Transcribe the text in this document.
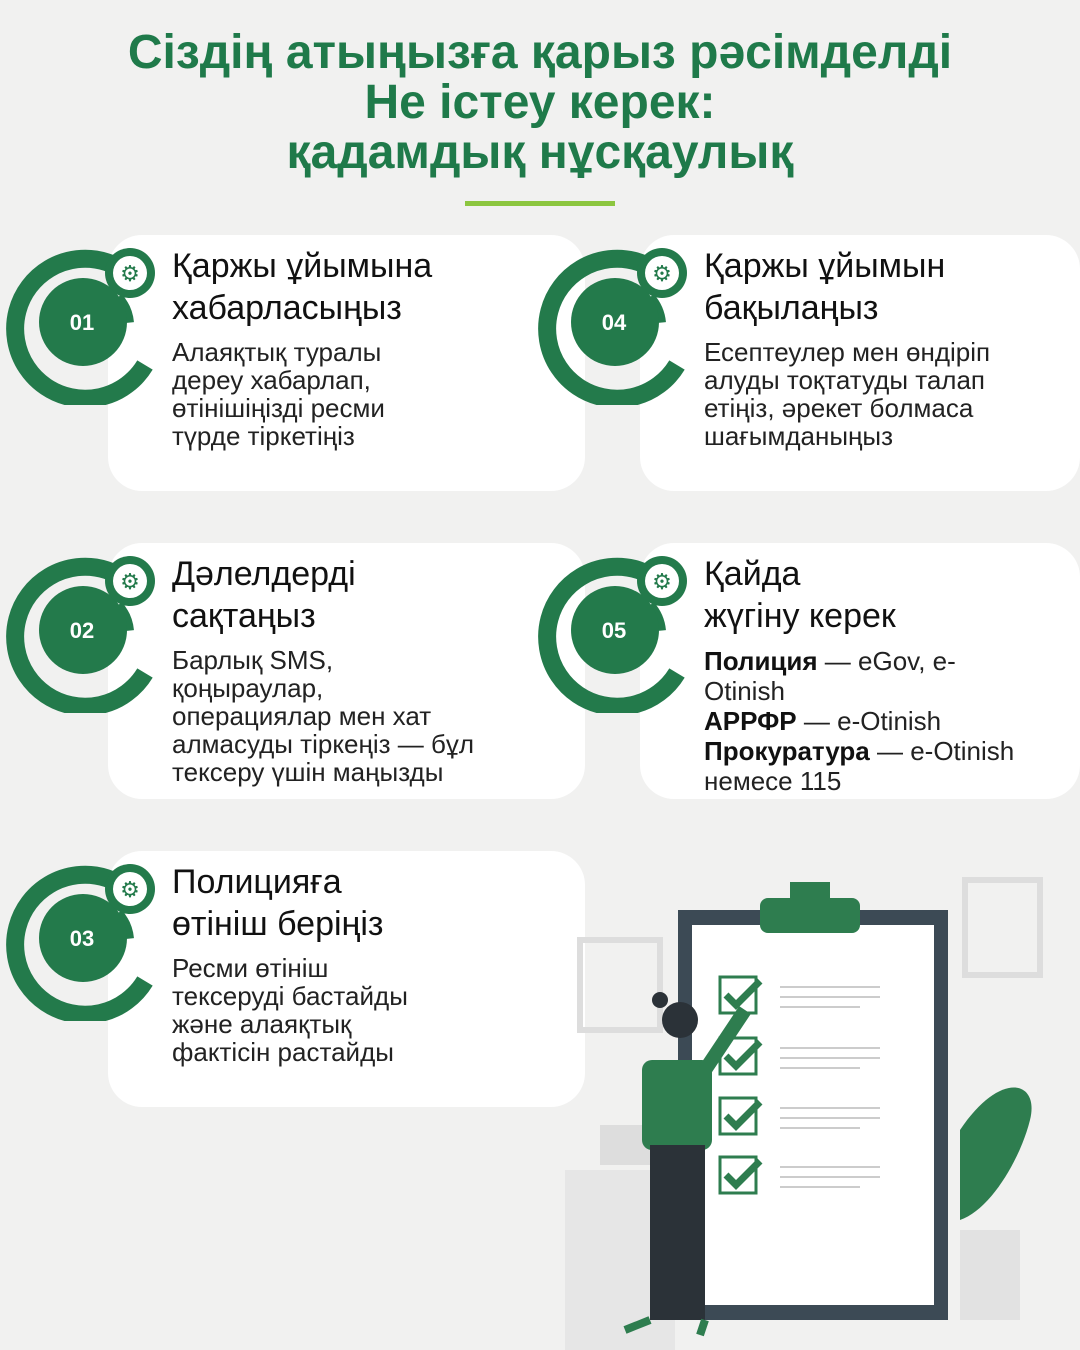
Сіздің атыңызға қарыз рәсімделді
Не істеу керек:
қадамдық нұсқаулық
⚙
01
Қаржы ұйымына
хабарласыңыз
Алаяқтық туралы
дереу хабарлап,
өтінішіңізді ресми
түрде тіркетіңіз
⚙
02
Дәлелдерді
сақтаңыз
Барлық SMS,
қоңыраулар,
операциялар мен хат
алмасуды тіркеңіз — бұл
тексеру үшін маңызды
⚙
03
Полицияға
өтініш беріңіз
Ресми өтініш
тексеруді бастайды
және алаяқтық
фактісін растайды
⚙
04
Қаржы ұйымын
бақылаңыз
Есептеулер мен өндіріп
алуды тоқтатуды талап
етіңіз, әрекет болмаса
шағымданыңыз
⚙
05
Қайда
жүгіну керек
Полиция — eGov, e-
Otinish
АРРФР — e-Otinish
Прокуратура — e-Otinish
немесе 115
